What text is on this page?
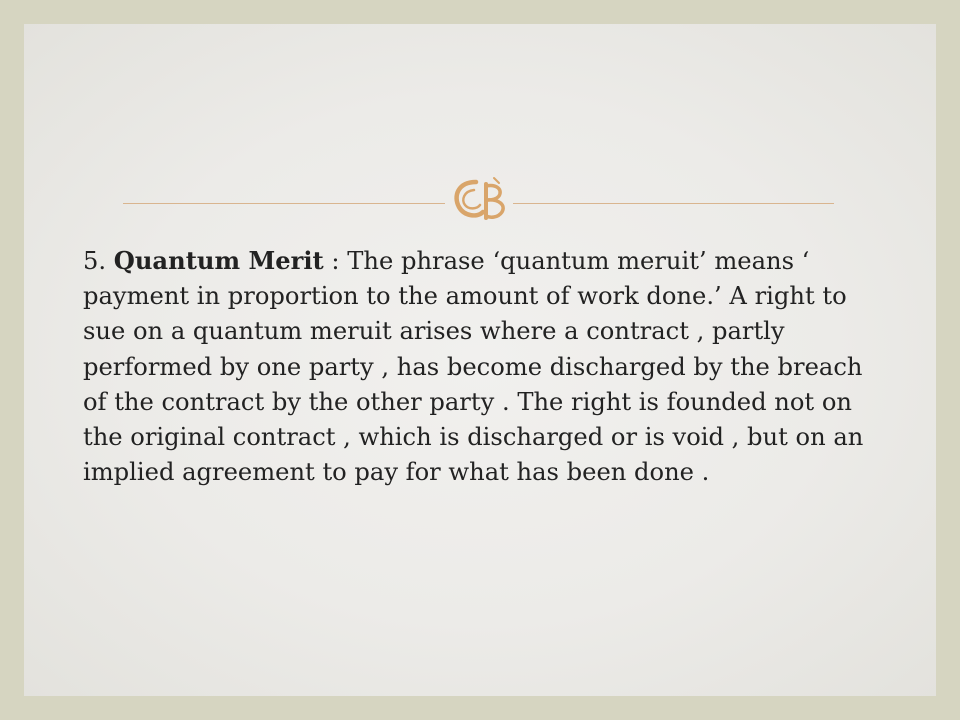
5. Quantum Merit : The phrase ‘quantum meruit’ means ‘ payment in proportion to the amount of work done.’ A right to sue on a quantum meruit arises where a contract , partly performed by one party , has become discharged by the breach of the contract by the other party . The right is founded not on the original contract , which is discharged or is void , but on an implied agreement to pay for what has been done .
